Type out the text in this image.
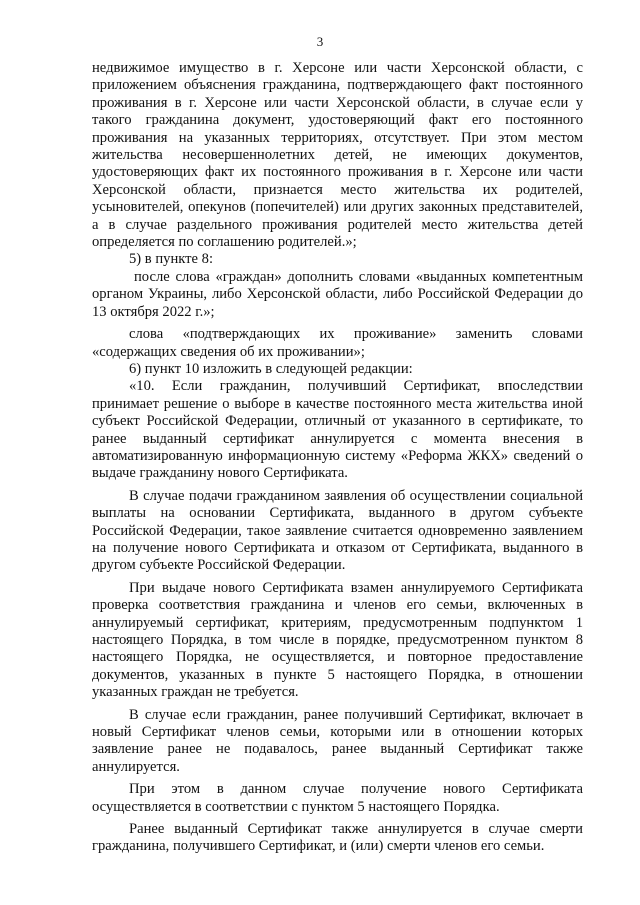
3

недвижимое имущество в г. Херсоне или части Херсонской области, с приложением объяснения гражданина, подтверждающего факт постоянного проживания в г. Херсоне или части Херсонской области, в случае если у такого гражданина документ, удостоверяющий факт его постоянного проживания на указанных территориях, отсутствует. При этом местом жительства несовершеннолетних детей, не имеющих документов, удостоверяющих факт их постоянного проживания в г. Херсоне или части Херсонской области, признается место жительства их родителей, усыновителей, опекунов (попечителей) или других законных представителей, а в случае раздельного проживания родителей место жительства детей определяется по соглашению родителей.»;

5) в пункте 8:

после слова «граждан» дополнить словами «выданных компетентным органом Украины, либо Херсонской области, либо Российской Федерации до 13 октября 2022 г.»;

слова «подтверждающих их проживание» заменить словами «содержащих сведения об их проживании»;

6) пункт 10 изложить в следующей редакции:

«10. Если гражданин, получивший Сертификат, впоследствии принимает решение о выборе в качестве постоянного места жительства иной субъект Российской Федерации, отличный от указанного в сертификате, то ранее выданный сертификат аннулируется с момента внесения в автоматизированную информационную систему «Реформа ЖКХ» сведений о выдаче гражданину нового Сертификата.

В случае подачи гражданином заявления об осуществлении социальной выплаты на основании Сертификата, выданного в другом субъекте Российской Федерации, такое заявление считается одновременно заявлением на получение нового Сертификата и отказом от Сертификата, выданного в другом субъекте Российской Федерации.

При выдаче нового Сертификата взамен аннулируемого Сертификата проверка соответствия гражданина и членов его семьи, включенных в аннулируемый сертификат, критериям, предусмотренным подпунктом 1 настоящего Порядка, в том числе в порядке, предусмотренном пунктом 8 настоящего Порядка, не осуществляется, и повторное предоставление документов, указанных в пункте 5 настоящего Порядка, в отношении указанных граждан не требуется.

В случае если гражданин, ранее получивший Сертификат, включает в новый Сертификат членов семьи, которыми или в отношении которых заявление ранее не подавалось, ранее выданный Сертификат также аннулируется.

При этом в данном случае получение нового Сертификата осуществляется в соответствии с пунктом 5 настоящего Порядка.

Ранее выданный Сертификат также аннулируется в случае смерти гражданина, получившего Сертификат, и (или) смерти членов его семьи.
